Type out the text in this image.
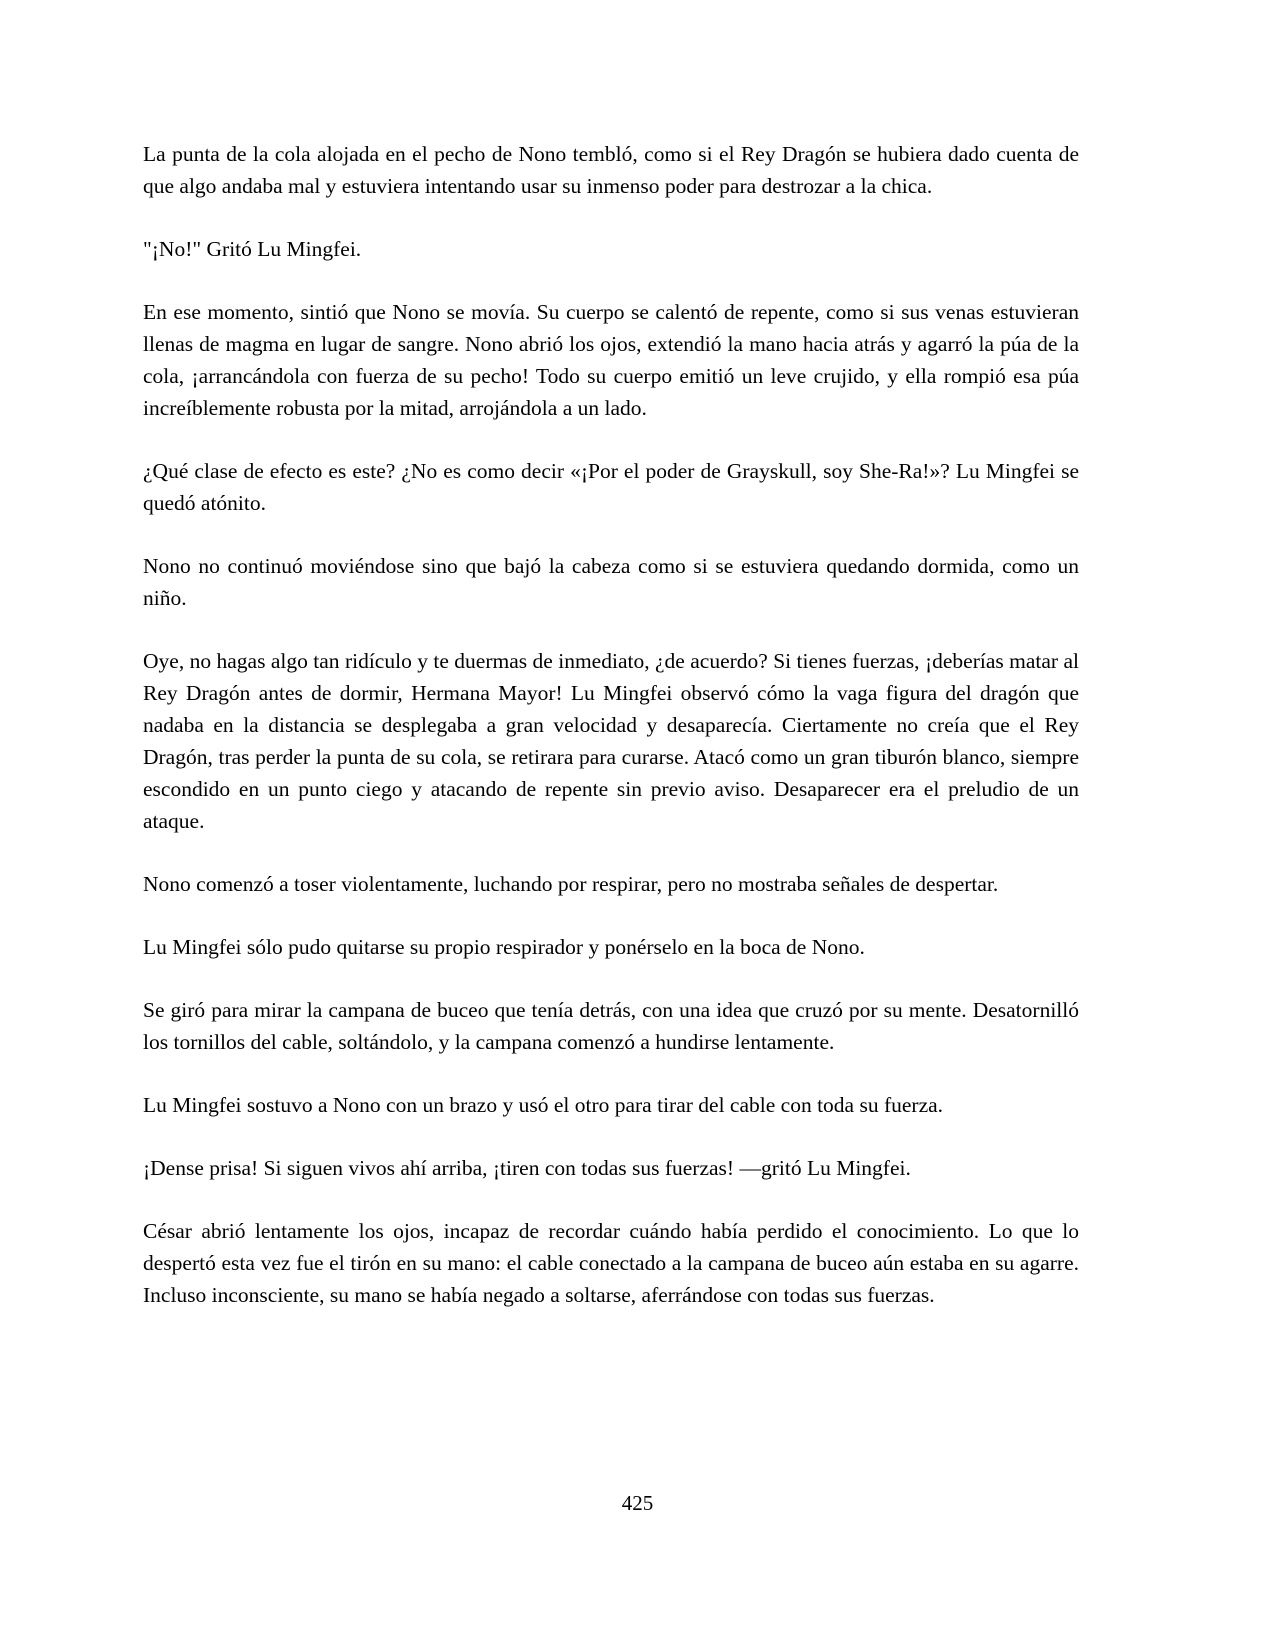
La punta de la cola alojada en el pecho de Nono tembló, como si el Rey Dragón se hubiera dado cuenta de que algo andaba mal y estuviera intentando usar su inmenso poder para destrozar a la chica.

"¡No!" Gritó Lu Mingfei.

En ese momento, sintió que Nono se movía. Su cuerpo se calentó de repente, como si sus venas estuvieran llenas de magma en lugar de sangre. Nono abrió los ojos, extendió la mano hacia atrás y agarró la púa de la cola, ¡arrancándola con fuerza de su pecho! Todo su cuerpo emitió un leve crujido, y ella rompió esa púa increíblemente robusta por la mitad, arrojándola a un lado.

¿Qué clase de efecto es este? ¿No es como decir «¡Por el poder de Grayskull, soy She-Ra!»? Lu Mingfei se quedó atónito.

Nono no continuó moviéndose sino que bajó la cabeza como si se estuviera quedando dormida, como un niño.

Oye, no hagas algo tan ridículo y te duermas de inmediato, ¿de acuerdo? Si tienes fuerzas, ¡deberías matar al Rey Dragón antes de dormir, Hermana Mayor! Lu Mingfei observó cómo la vaga figura del dragón que nadaba en la distancia se desplegaba a gran velocidad y desaparecía. Ciertamente no creía que el Rey Dragón, tras perder la punta de su cola, se retirara para curarse. Atacó como un gran tiburón blanco, siempre escondido en un punto ciego y atacando de repente sin previo aviso. Desaparecer era el preludio de un ataque.

Nono comenzó a toser violentamente, luchando por respirar, pero no mostraba señales de despertar.

Lu Mingfei sólo pudo quitarse su propio respirador y ponérselo en la boca de Nono.

Se giró para mirar la campana de buceo que tenía detrás, con una idea que cruzó por su mente. Desatornilló los tornillos del cable, soltándolo, y la campana comenzó a hundirse lentamente.

Lu Mingfei sostuvo a Nono con un brazo y usó el otro para tirar del cable con toda su fuerza.

¡Dense prisa! Si siguen vivos ahí arriba, ¡tiren con todas sus fuerzas! —gritó Lu Mingfei.

César abrió lentamente los ojos, incapaz de recordar cuándo había perdido el conocimiento. Lo que lo despertó esta vez fue el tirón en su mano: el cable conectado a la campana de buceo aún estaba en su agarre. Incluso inconsciente, su mano se había negado a soltarse, aferrándose con todas sus fuerzas.

425
